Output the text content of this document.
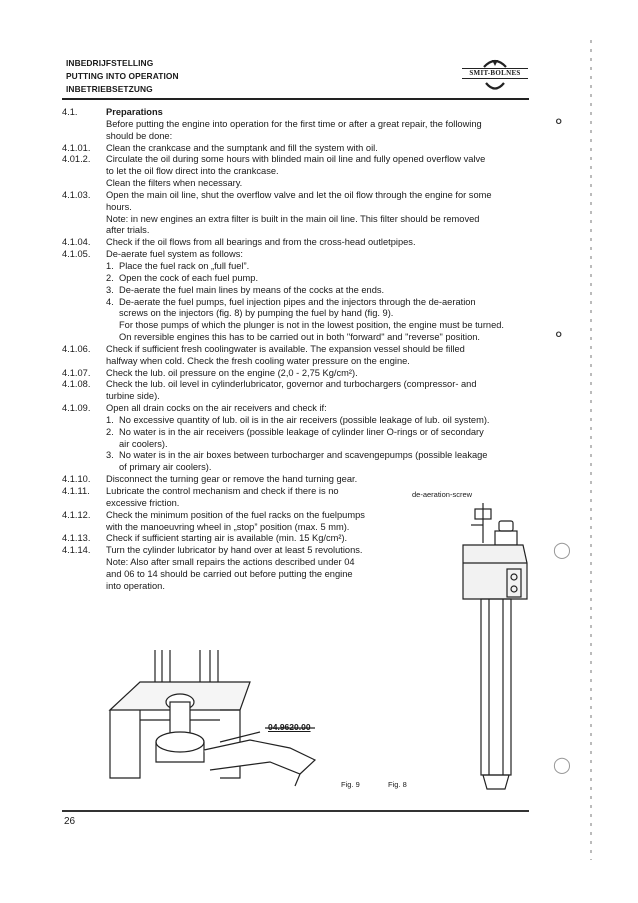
INBEDRIJFSTELLING
PUTTING INTO OPERATION
INBETRIEBSETZUNG
SMIT-BOLNES
4.1.	Preparations
Before putting the engine into operation for the first time or after a great repair, the following
should be done:
4.1.01.	Clean the crankcase and the sumptank and fill the system with oil.
4.01.2.	Circulate the oil during some hours with blinded main oil line and fully opened overflow valve
to let the oil flow direct into the crankcase.
Clean the filters when necessary.
4.1.03.	Open the main oil line, shut the overflow valve and let the oil flow through the engine for some
hours.
Note: in new engines an extra filter is built in the main oil line. This filter should be removed
after trials.
4.1.04.	Check if the oil flows from all bearings and from the cross-head outletpipes.
4.1.05.	De-aerate fuel system as follows:
1. Place the fuel rack on „full fuel”.
2. Open the cock of each fuel pump.
3. De-aerate the fuel main lines by means of the cocks at the ends.
4. De-aerate the fuel pumps, fuel injection pipes and the injectors through the de-aeration
screws on the injectors (fig. 8) by pumping the fuel by hand (fig. 9).
For those pumps of which the plunger is not in the lowest position, the engine must be turned.
On reversible engines this has to be carried out in both "forward" and "reverse" position.
4.1.06.	Check if sufficient fresh coolingwater is available. The expansion vessel should be filled
halfway when cold. Check the fresh cooling water pressure on the engine.
4.1.07.	Check the lub. oil pressure on the engine (2,0 - 2,75 Kg/cm²).
4.1.08.	Check the lub. oil level in cylinderlubricator, governor and turbochargers (compressor- and
turbine side).
4.1.09.	Open all drain cocks on the air receivers and check if:
1. No excessive quantity of lub. oil is in the air receivers (possible leakage of lub. oil system).
2. No water is in the air receivers (possible leakage of cylinder liner O-rings or of secondary
air coolers).
3. No water is in the air boxes between turbocharger and scavengepumps (possible leakage
of primary air coolers).
4.1.10.	Disconnect the turning gear or remove the hand turning gear.
4.1.11.	Lubricate the control mechanism and check if there is no
excessive friction.
4.1.12.	Check the minimum position of the fuel racks on the fuelpumps
with the manoeuvring wheel in „stop” position (max. 5 mm).
4.1.13.	Check if sufficient starting air is available (min. 15 Kg/cm²).
4.1.14.	Turn the cylinder lubricator by hand over at least 5 revolutions.
Note: Also after small repairs the actions described under 04
and 06 to 14 should be carried out before putting the engine
into operation.
de-aeration-screw
04.9620.00
Fig. 9	Fig. 8
26
⚬
⚬
◯
◯
